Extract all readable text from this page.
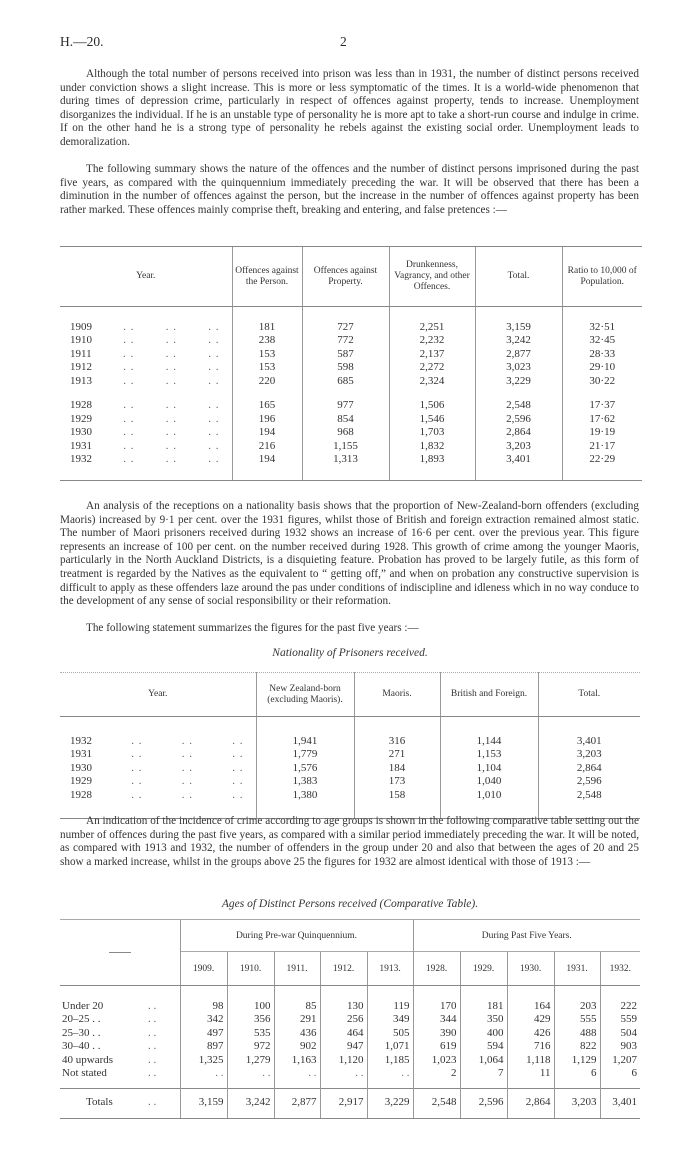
H.—20.	2

Although the total number of persons received into prison was less than in 1931, the number of distinct persons received under conviction shows a slight increase. This is more or less symptomatic of the times. It is a world-wide phenomenon that during times of depression crime, particularly in respect of offences against property, tends to increase. Unemployment disorganizes the individual. If he is an unstable type of personality he is more apt to take a short-run course and indulge in crime. If on the other hand he is a strong type of personality he rebels against the existing social order. Unemployment leads to demoralization.

The following summary shows the nature of the offences and the number of distinct persons imprisoned during the past five years, as compared with the quinquennium immediately preceding the war. It will be observed that there has been a diminution in the number of offences against the person, but the increase in the number of offences against property has been rather marked. These offences mainly comprise theft, breaking and entering, and false pretences :—

Year.	Offences against the Person.	Offences against Property.	Drunkenness, Vagrancy, and other Offences.	Total.	Ratio to 10,000 of Population.

1909 . . . . . .	181	727	2,251	3,159	32·51

1910 . . . . . .	238	772	2,232	3,242	32·45

1911 . . . . . .	153	587	2,137	2,877	28·33

1912 . . . . . .	153	598	2,272	3,023	29·10

1913 . . . . . .	220	685	2,324	3,229	30·22

1928 . . . . . .	165	977	1,506	2,548	17·37

1929 . . . . . .	196	854	1,546	2,596	17·62

1930 . . . . . .	194	968	1,703	2,864	19·19

1931 . . . . . .	216	1,155	1,832	3,203	21·17

1932 . . . . . .	194	1,313	1,893	3,401	22·29

An analysis of the receptions on a nationality basis shows that the proportion of New-Zealand-born offenders (excluding Maoris) increased by 9·1 per cent. over the 1931 figures, whilst those of British and foreign extraction remained almost static. The number of Maori prisoners received during 1932 shows an increase of 16·6 per cent. over the previous year. This figure represents an increase of 100 per cent. on the number received during 1928. This growth of crime among the younger Maoris, particularly in the North Auckland Districts, is a disquieting feature. Probation has proved to be largely futile, as this form of treatment is regarded by the Natives as the equivalent to “ getting off,” and when on probation any constructive supervision is difficult to apply as these offenders laze around the pas under conditions of indiscipline and idleness which in no way conduce to the development of any sense of social responsibility or their reformation.

The following statement summarizes the figures for the past five years :—

Nationality of Prisoners received.
Year.	New Zealand-born (excluding Maoris).	Maoris.	British and Foreign.	Total.

1932 . . . . . .	1,941	316	1,144	3,401

1931 . . . . . .	1,779	271	1,153	3,203

1930 . . . . . .	1,576	184	1,104	2,864

1929 . . . . . .	1,383	173	1,040	2,596

1928 . . . . . .	1,380	158	1,010	2,548

An indication of the incidence of crime according to age groups is shown in the following comparative table setting out the number of offences during the past five years, as compared with a similar period immediately preceding the war. It will be noted, as compared with 1913 and 1932, the number of offenders in the group under 20 and also that between the ages of 20 and 25 show a marked increase, whilst in the groups above 25 the figures for 1932 are almost identical with those of 1913 :—

Ages of Distinct Persons received (Comparative Table).
		During Pre-war Quinquennium.					During Past Five Years.				
		1909.	1910.	1911.	1912.	1913.	1928.	1929.	1930.	1931.	1932.

Under 20	. .	98	100	85	130	119	170	181	164	203	222
20–25 . .	. .	342	356	291	256	349	344	350	429	555	559
25–30 . .	. .	497	535	436	464	505	390	400	426	488	504
30–40 . .	. .	897	972	902	947	1,071	619	594	716	822	903
40 upwards	. .	1,325	1,279	1,163	1,120	1,185	1,023	1,064	1,118	1,129	1,207
Not stated	. .	. .	. .	. .	. .	. .	2	7	11	6	6

Totals	. .	3,159	3,242	2,877	2,917	3,229	2,548	2,596	2,864	3,203	3,401
